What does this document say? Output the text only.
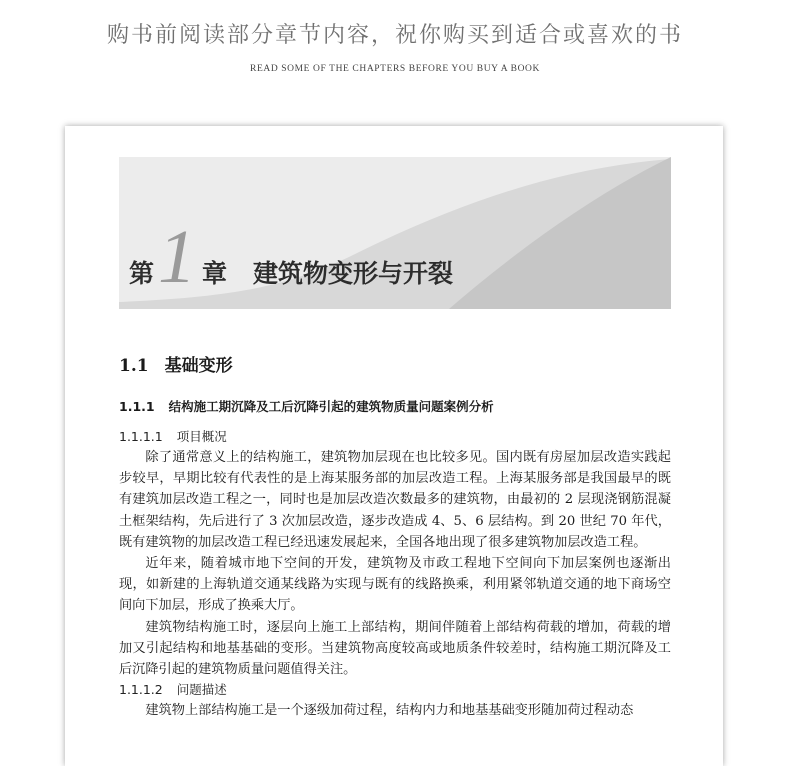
购书前阅读部分章节内容，祝你购买到适合或喜欢的书
READ SOME OF THE CHAPTERS BEFORE YOU BUY A BOOK
第 1 章 建筑物变形与开裂
1.1 基础变形
1.1.1 结构施工期沉降及工后沉降引起的建筑物质量问题案例分析
1.1.1.1 项目概况

除了通常意义上的结构施工，建筑物加层现在也比较多见。国内既有房屋加层改造实践起步较早，早期比较有代表性的是上海某服务部的加层改造工程。上海某服务部是我国最早的既有建筑加层改造工程之一，同时也是加层改造次数最多的建筑物，由最初的 2 层现浇钢筋混凝土框架结构，先后进行了 3 次加层改造，逐步改造成 4、5、6 层结构。到 20 世纪 70 年代，既有建筑物的加层改造工程已经迅速发展起来，全国各地出现了很多建筑物加层改造工程。

近年来，随着城市地下空间的开发，建筑物及市政工程地下空间向下加层案例也逐渐出现，如新建的上海轨道交通某线路为实现与既有的线路换乘，利用紧邻轨道交通的地下商场空间向下加层，形成了换乘大厅。

建筑物结构施工时，逐层向上施工上部结构，期间伴随着上部结构荷载的增加，荷载的增加又引起结构和地基基础的变形。当建筑物高度较高或地质条件较差时，结构施工期沉降及工后沉降引起的建筑物质量问题值得关注。

1.1.1.2 问题描述

建筑物上部结构施工是一个逐级加荷过程，结构内力和地基基础变形随加荷过程动态
